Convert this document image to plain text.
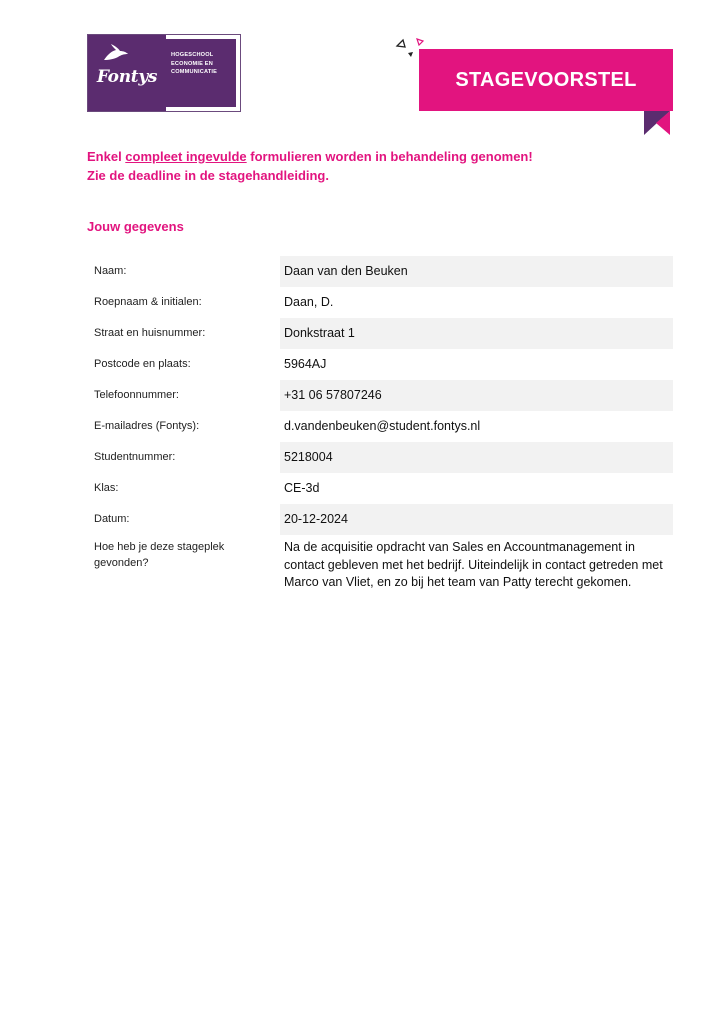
Fontys
HOGESCHOOL
ECONOMIE EN
COMMUNICATIE	STAGEVOORSTEL
Enkel compleet ingevulde formulieren worden in behandeling genomen!
Zie de deadline in de stagehandleiding.
Jouw gegevens
Naam:	Daan van den Beuken
Roepnaam & initialen:	Daan, D.
Straat en huisnummer:	Donkstraat 1
Postcode en plaats:	5964AJ
Telefoonnummer:	+31 06 57807246
E-mailadres (Fontys):	d.vandenbeuken@student.fontys.nl
Studentnummer:	5218004
Klas:	CE-3d
Datum:	20-12-2024
Hoe heb je deze stageplek gevonden?
Na de acquisitie opdracht van Sales en Accountmanagement in contact gebleven met het bedrijf. Uiteindelijk in contact getreden met Marco van Vliet, en zo bij het team van Patty terecht gekomen.
